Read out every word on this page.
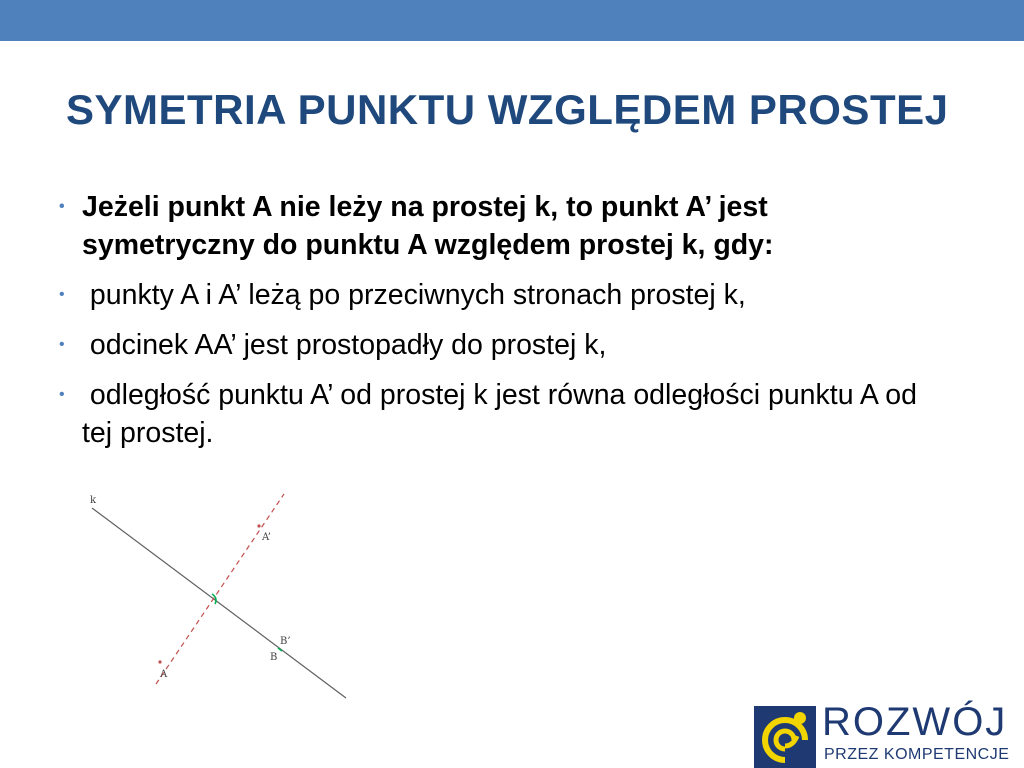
SYMETRIA PUNKTU WZGLĘDEM PROSTEJ
• Jeżeli punkt A nie leży na prostej k, to punkt A’ jest symetryczny do punktu A względem prostej k, gdy:
• punkty A i A’ leżą po przeciwnych stronach prostej k,
• odcinek AA’ jest prostopadły do prostej k,
• odległość punktu A’ od prostej k jest równa odległości punktu A od tej prostej.
k
A’
A
B’
B
ROZWÓJ
PRZEZ KOMPETENCJE
